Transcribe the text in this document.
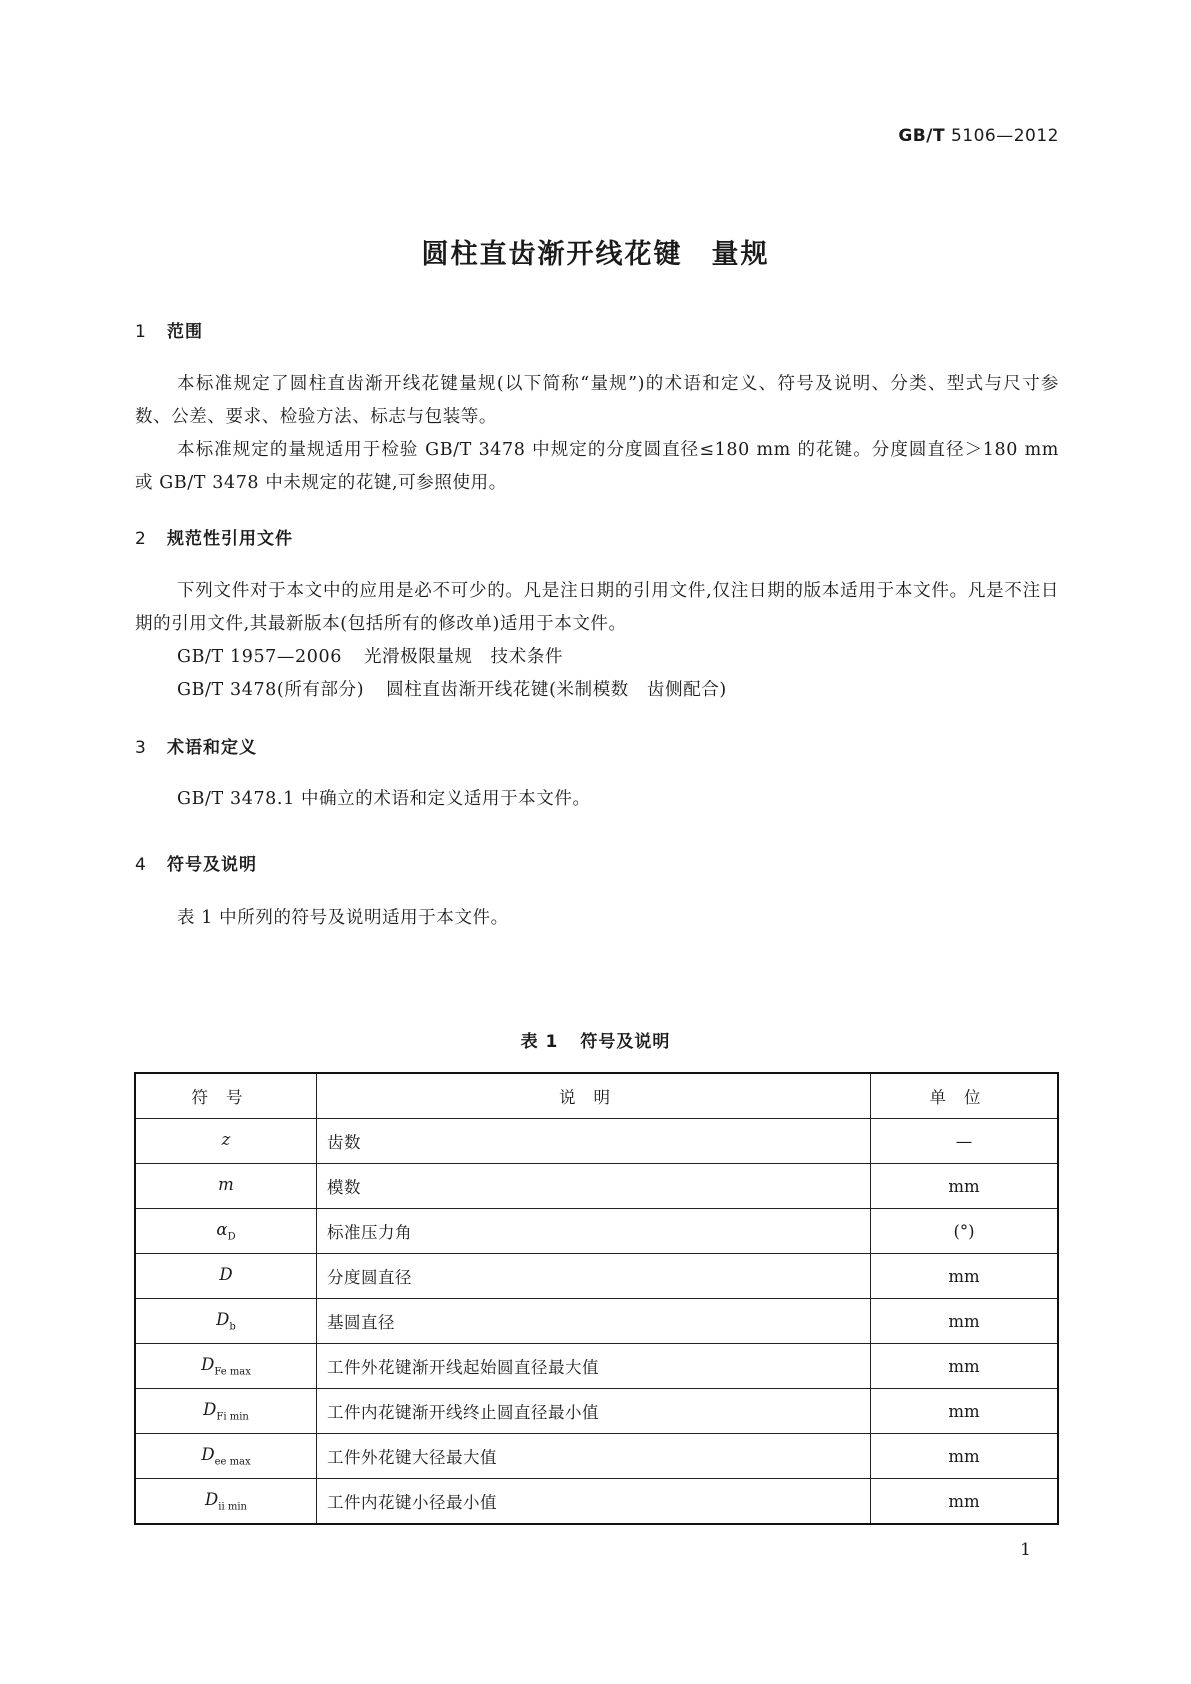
GB/T 5106—2012
圆柱直齿渐开线花键　量规
1 范围

本标准规定了圆柱直齿渐开线花键量规(以下简称“量规”)的术语和定义、符号及说明、分类、型式与尺寸参数、公差、要求、检验方法、标志与包装等。

本标准规定的量规适用于检验 GB/T 3478 中规定的分度圆直径≤180 mm 的花键。分度圆直径＞180 mm 或 GB/T 3478 中未规定的花键,可参照使用。

2 规范性引用文件

下列文件对于本文中的应用是必不可少的。凡是注日期的引用文件,仅注日期的版本适用于本文件。凡是不注日期的引用文件,其最新版本(包括所有的修改单)适用于本文件。

GB/T 1957—2006 光滑极限量规　技术条件

GB/T 3478(所有部分) 圆柱直齿渐开线花键(米制模数　齿侧配合)

3 术语和定义

GB/T 3478.1 中确立的术语和定义适用于本文件。

4 符号及说明

表 1 中所列的符号及说明适用于本文件。

表 1 符号及说明
符号	说明	单位
z	齿数	—
m	模数	mm
$\alpha_D$	标准压力角	(°)
D	分度圆直径	mm
$D_b$	基圆直径	mm
$D_{Fe max}$	工件外花键渐开线起始圆直径最大值	mm
$D_{Fi min}$	工件内花键渐开线终止圆直径最小值	mm
$D_{ee max}$	工件外花键大径最大值	mm
$D_{ii min}$	工件内花键小径最小值	mm
1
